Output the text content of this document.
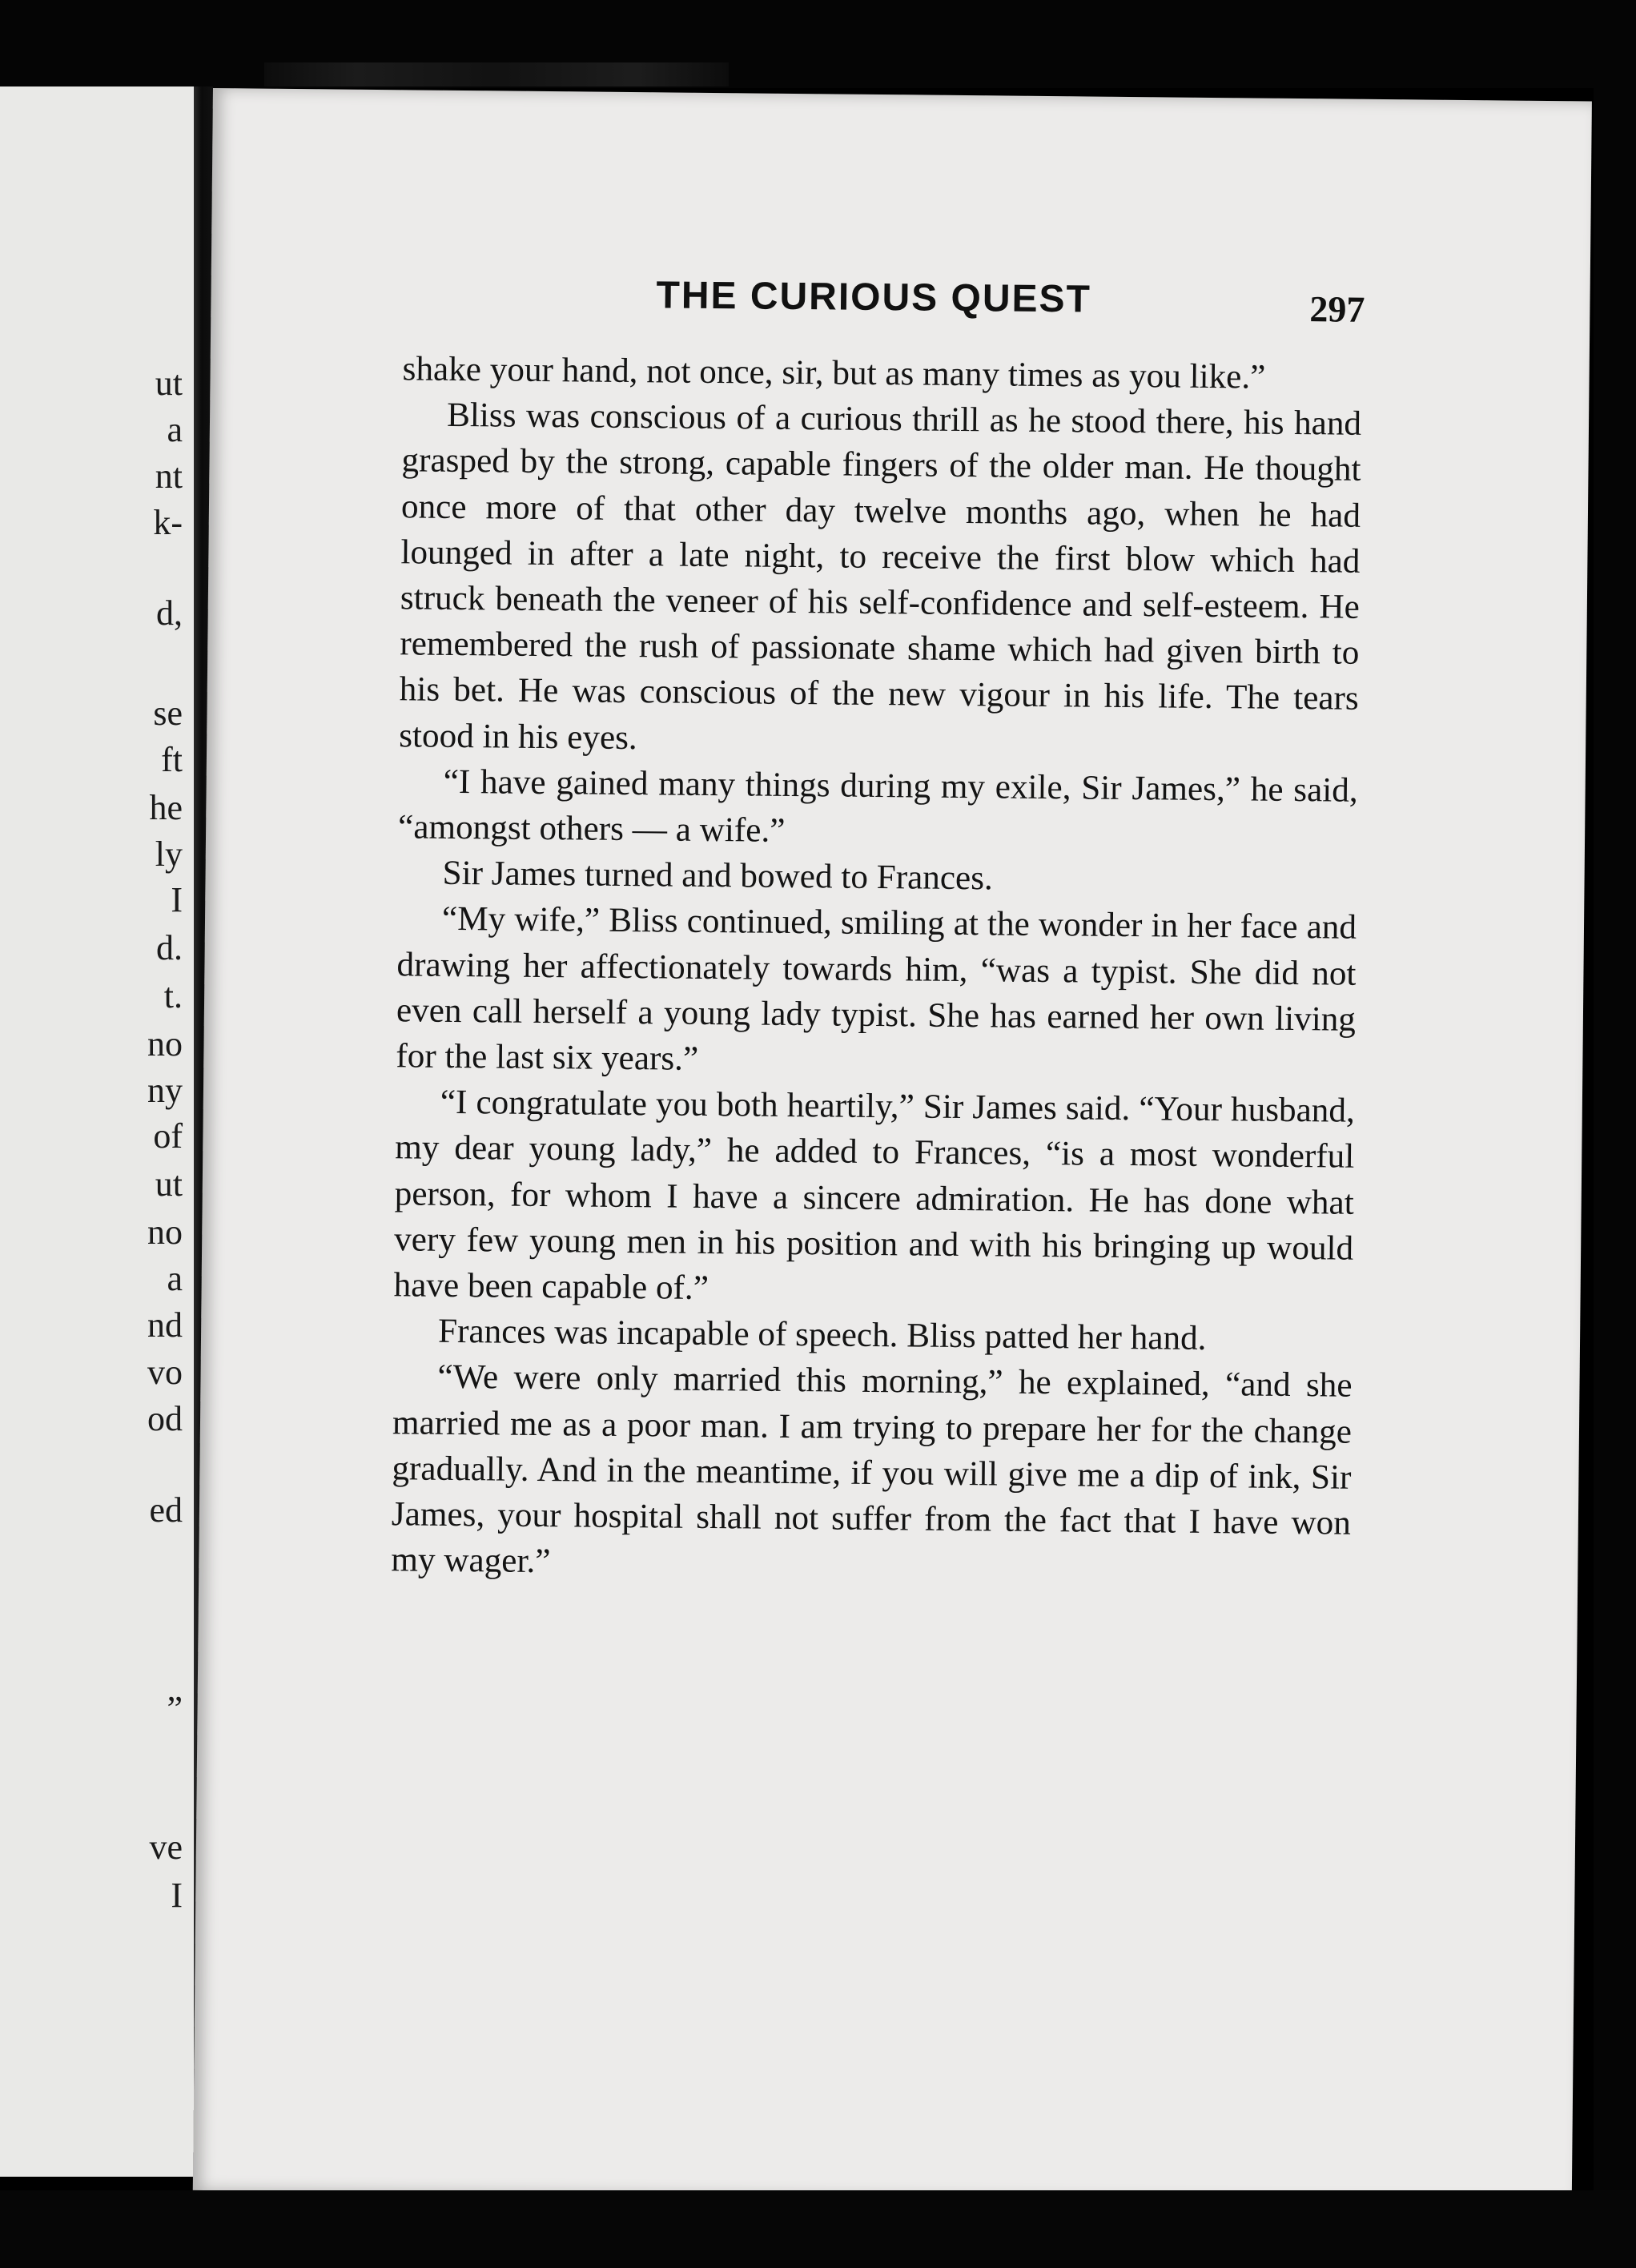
ut
a
nt
k-
d,
se
ft
he
ly
I
d.
t.
no
ny
of
ut
no
a
nd
vo
od
ed
”
ve
I
THE CURIOUS QUEST	297

shake your hand, not once, sir, but as many times as you like.”

Bliss was conscious of a curious thrill as he stood there, his hand grasped by the strong, capable fingers of the older man. He thought once more of that other day twelve months ago, when he had lounged in after a late night, to receive the first blow which had struck beneath the veneer of his self-confidence and self-esteem. He remembered the rush of passionate shame which had given birth to his bet. He was conscious of the new vigour in his life. The tears stood in his eyes.

“I have gained many things during my exile, Sir James,” he said, “amongst others — a wife.”

Sir James turned and bowed to Frances.

“My wife,” Bliss continued, smiling at the wonder in her face and drawing her affectionately towards him, “was a typist. She did not even call herself a young lady typist. She has earned her own living for the last six years.”

“I congratulate you both heartily,” Sir James said. “Your husband, my dear young lady,” he added to Frances, “is a most wonderful person, for whom I have a sincere admiration. He has done what very few young men in his position and with his bringing up would have been capable of.”

Frances was incapable of speech. Bliss patted her hand.

“We were only married this morning,” he explained, “and she married me as a poor man. I am trying to prepare her for the change gradually. And in the meantime, if you will give me a dip of ink, Sir James, your hospital shall not suffer from the fact that I have won my wager.”
